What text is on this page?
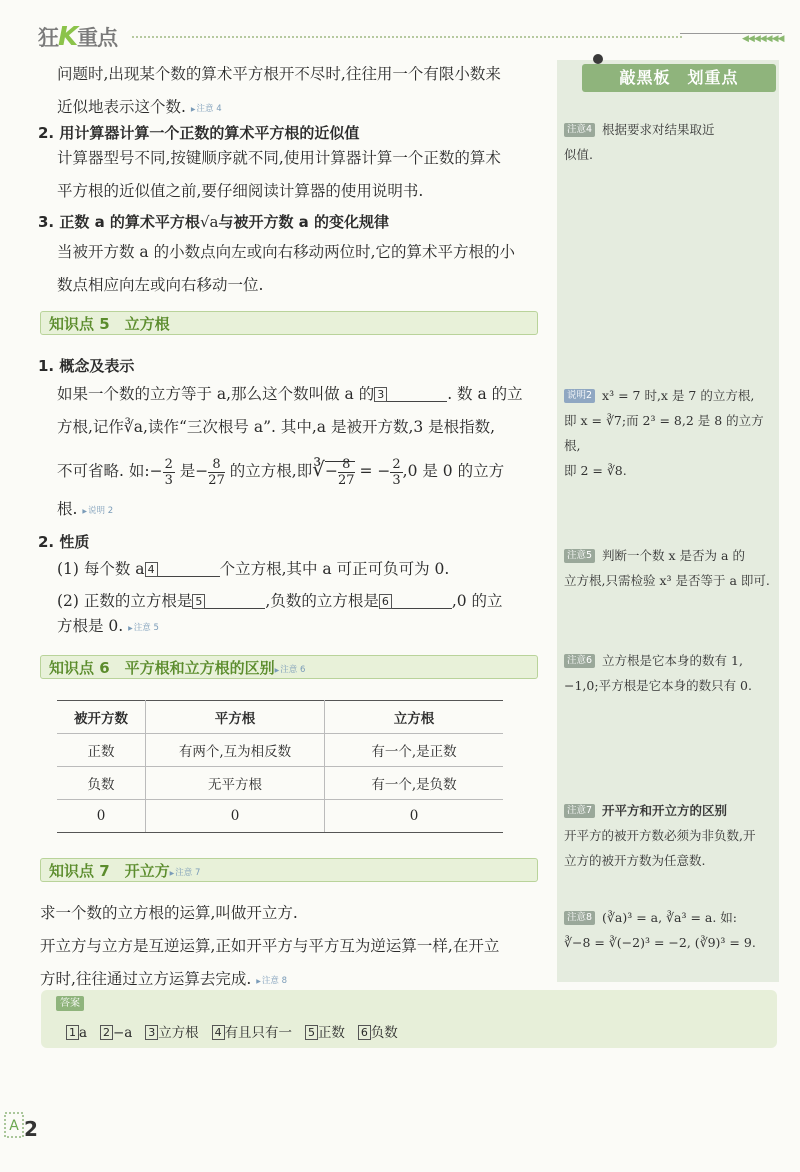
狂K重点	◀◀◀◀◀◀◀
敲黑板　划重点
注意4 根据要求对结果取近
似值.
说明2 x³ = 7 时,x 是 7 的立方根,
即 x = ∛7;而 2³ = 8,2 是 8 的立方根,
即 2 = ∛8.
注意5 判断一个数 x 是否为 a 的
立方根,只需检验 x³ 是否等于 a 即可.
注意6 立方根是它本身的数有 1,
−1,0;平方根是它本身的数只有 0.
注意7 开平方和开立方的区别
开平方的被开方数必须为非负数,开
立方的被开方数为任意数.
注意8 (∛a)³ = a, ∛a³ = a. 如:
∛−8 = ∛(−2)³ = −2, (∛9)³ = 9.
问题时,出现某个数的算术平方根开不尽时,往往用一个有限小数来
近似地表示这个数. ▶ 注意 4
2. 用计算器计算一个正数的算术平方根的近似值
计算器型号不同,按键顺序就不同,使用计算器计算一个正数的算术
平方根的近似值之前,要仔细阅读计算器的使用说明书.
3. 正数 a 的算术平方根√a与被开方数 a 的变化规律
当被开方数 a 的小数点向左或向右移动两位时,它的算术平方根的小
数点相应向左或向右移动一位.
知识点 5　立方根
1. 概念及表示
如果一个数的立方等于 a,那么这个数叫做 a 的 3	. 数 a 的立
方根,记作∛a,读作“三次根号 a”. 其中,a 是被开方数,3 是根指数,
不可省略. 如:− $\frac{2}{3}$ 是− $\frac{8}{27}$ 的立方根,即∛− $\frac{8}{27}$ = − $\frac{2}{3} ,0$ 是 0 的立方
根. ▶ 说明 2
2. 性质
(1) 每个数 a 4	个立方根,其中 a 可正可负可为 0.
(2) 正数的立方根是 5	,负数的立方根是 6	,0 的立
方根是 0. ▶ 注意 5
知识点 6　平方根和立方根的区别 ▶ 注意 6
被开方数	平方根	立方根
正数	有两个,互为相反数	有一个,是正数
负数	无平方根	有一个,是负数
0	0	0
知识点 7　开立方 ▶ 注意 7
求一个数的立方根的运算,叫做开立方.
开立方与立方是互逆运算,正如开平方与平方互为逆运算一样,在开立
方时,往往通过立方运算去完成. ▶ 注意 8
答案
1 a 2 −a 3 立方根 4 有且只有一 5 正数 6 负数
A 2
